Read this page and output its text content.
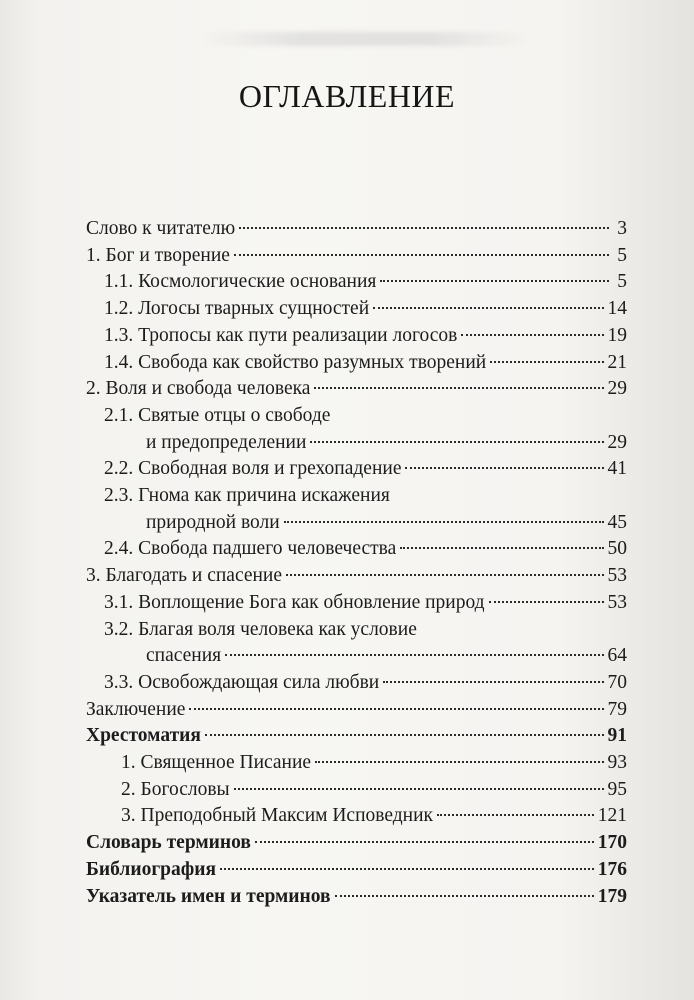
ОГЛАВЛЕНИЕ
Слово к читателю	3
1. Бог и творение	5
1.1. Космологические основания	5
1.2. Логосы тварных сущностей	14
1.3. Тропосы как пути реализации логосов	19
1.4. Свобода как свойство разумных творений	21
2. Воля и свобода человека	29
2.1. Святые отцы о свободе
и предопределении	29
2.2. Свободная воля и грехопадение	41
2.3. Гнома как причина искажения
природной воли	45
2.4. Свобода падшего человечества	50
3. Благодать и спасение	53
3.1. Воплощение Бога как обновление природ	53
3.2. Благая воля человека как условие
спасения	64
3.3. Освобождающая сила любви	70
Заключение	79
Хрестоматия	91
1. Священное Писание	93
2. Богословы	95
3. Преподобный Максим Исповедник	121
Словарь терминов	170
Библиография	176
Указатель имен и терминов	179
